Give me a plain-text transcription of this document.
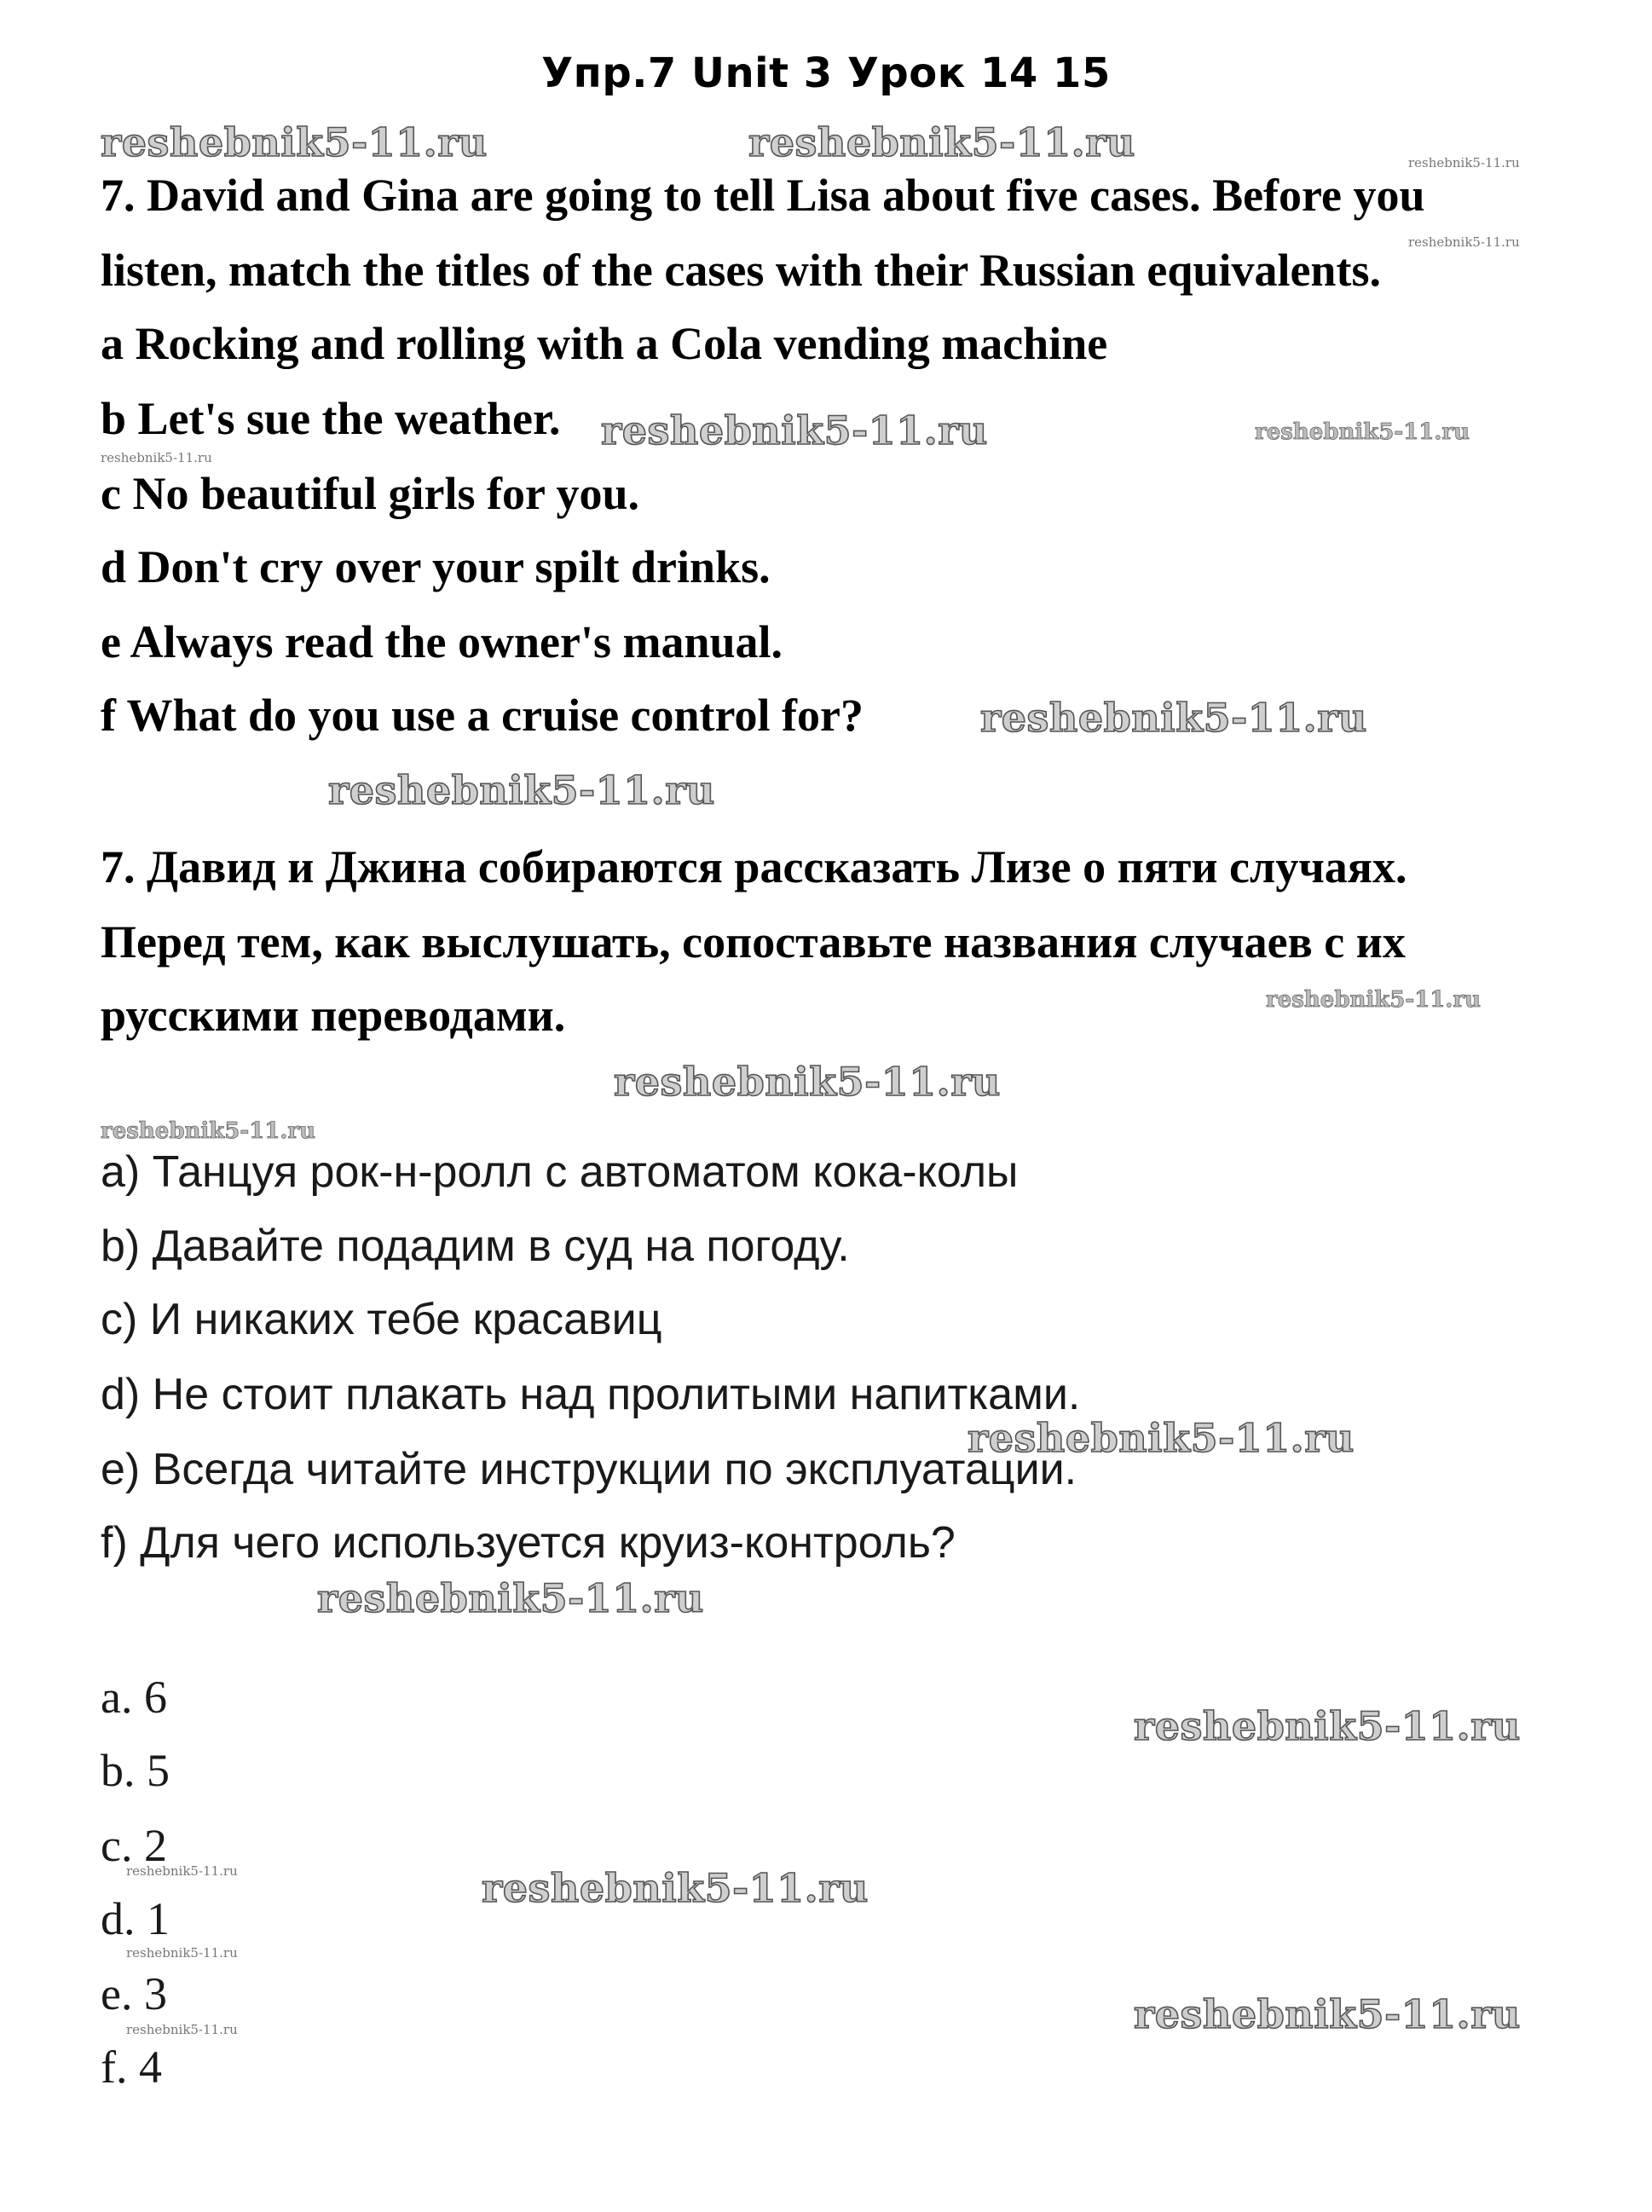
Упр.7 Unit 3 Урок 14 15
reshebnik5-11.ru	reshebnik5-11.ru	reshebnik5-11.ru
reshebnik5-11.ru
7. David and Gina are going to tell Lisa about five cases. Before you
listen, match the titles of the cases with their Russian equivalents.
a Rocking and rolling with a Cola vending machine
b Let's sue the weather. reshebnik5-11.ru	reshebnik5-11.ru
reshebnik5-11.ru
c No beautiful girls for you.
d Don't cry over your spilt drinks.
e Always read the owner's manual.
f What do you use a cruise control for?	reshebnik5-11.ru
reshebnik5-11.ru
7. Давид и Джина собираются рассказать Лизе о пяти случаях.
Перед тем, как выслушать, сопоставьте названия случаев с их
русскими переводами.	reshebnik5-11.ru
reshebnik5-11.ru
reshebnik5-11.ru
a) Танцуя рок-н-ролл с автоматом кока-колы
b) Давайте подадим в суд на погоду.
c) И никаких тебе красавиц
d) Не стоит плакать над пролитыми напитками.
reshebnik5-11.ru
e) Всегда читайте инструкции по эксплуатации.
f) Для чего используется круиз-контроль?
reshebnik5-11.ru
a. 6
reshebnik5-11.ru
b. 5
c. 2
reshebnik5-11.ru	reshebnik5-11.ru
d. 1
reshebnik5-11.ru
e. 3	reshebnik5-11.ru
reshebnik5-11.ru
f. 4
